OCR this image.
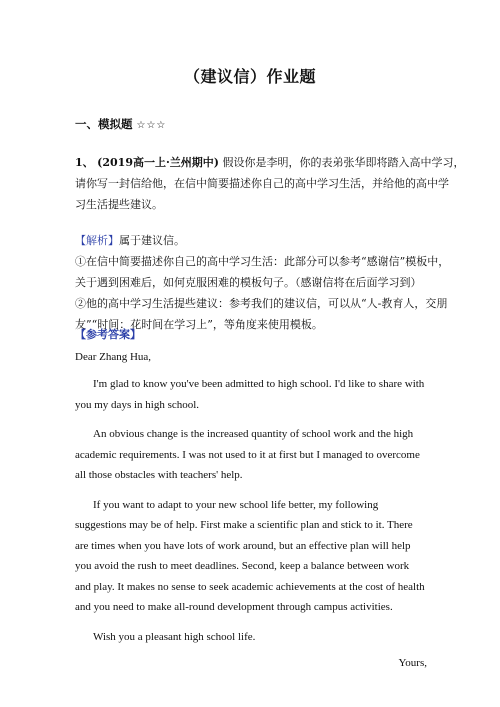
（建议信）作业题
一、模拟题 ☆☆☆
1、 (2019高一上·兰州期中) 假设你是李明，你的表弟张华即将踏入高中学习，
请你写一封信给他，在信中简要描述你自己的高中学习生活，并给他的高中学
习生活提些建议。
【解析】属于建议信。
①在信中简要描述你自己的高中学习生活：此部分可以参考“感谢信”模板中，
关于遇到困难后，如何克服困难的模板句子。（感谢信将在后面学习到）
②他的高中学习生活提些建议：参考我们的建议信，可以从“人-教育人，交朋
友”“时间：花时间在学习上”，等角度来使用模板。
【参考答案】
Dear Zhang Hua,

I'm glad to know you've been admitted to high school. I'd like to share with you my days in high school.

An obvious change is the increased quantity of school work and the high academic requirements. I was not used to it at first but I managed to overcome all those obstacles with teachers' help.

If you want to adapt to your new school life better, my following suggestions may be of help. First make a scientific plan and stick to it. There are times when you have lots of work around, but an effective plan will help you avoid the rush to meet deadlines. Second, keep a balance between work and play. It makes no sense to seek academic achievements at the cost of health and you need to make all-round development through campus activities.

Wish you a pleasant high school life.

Yours,
